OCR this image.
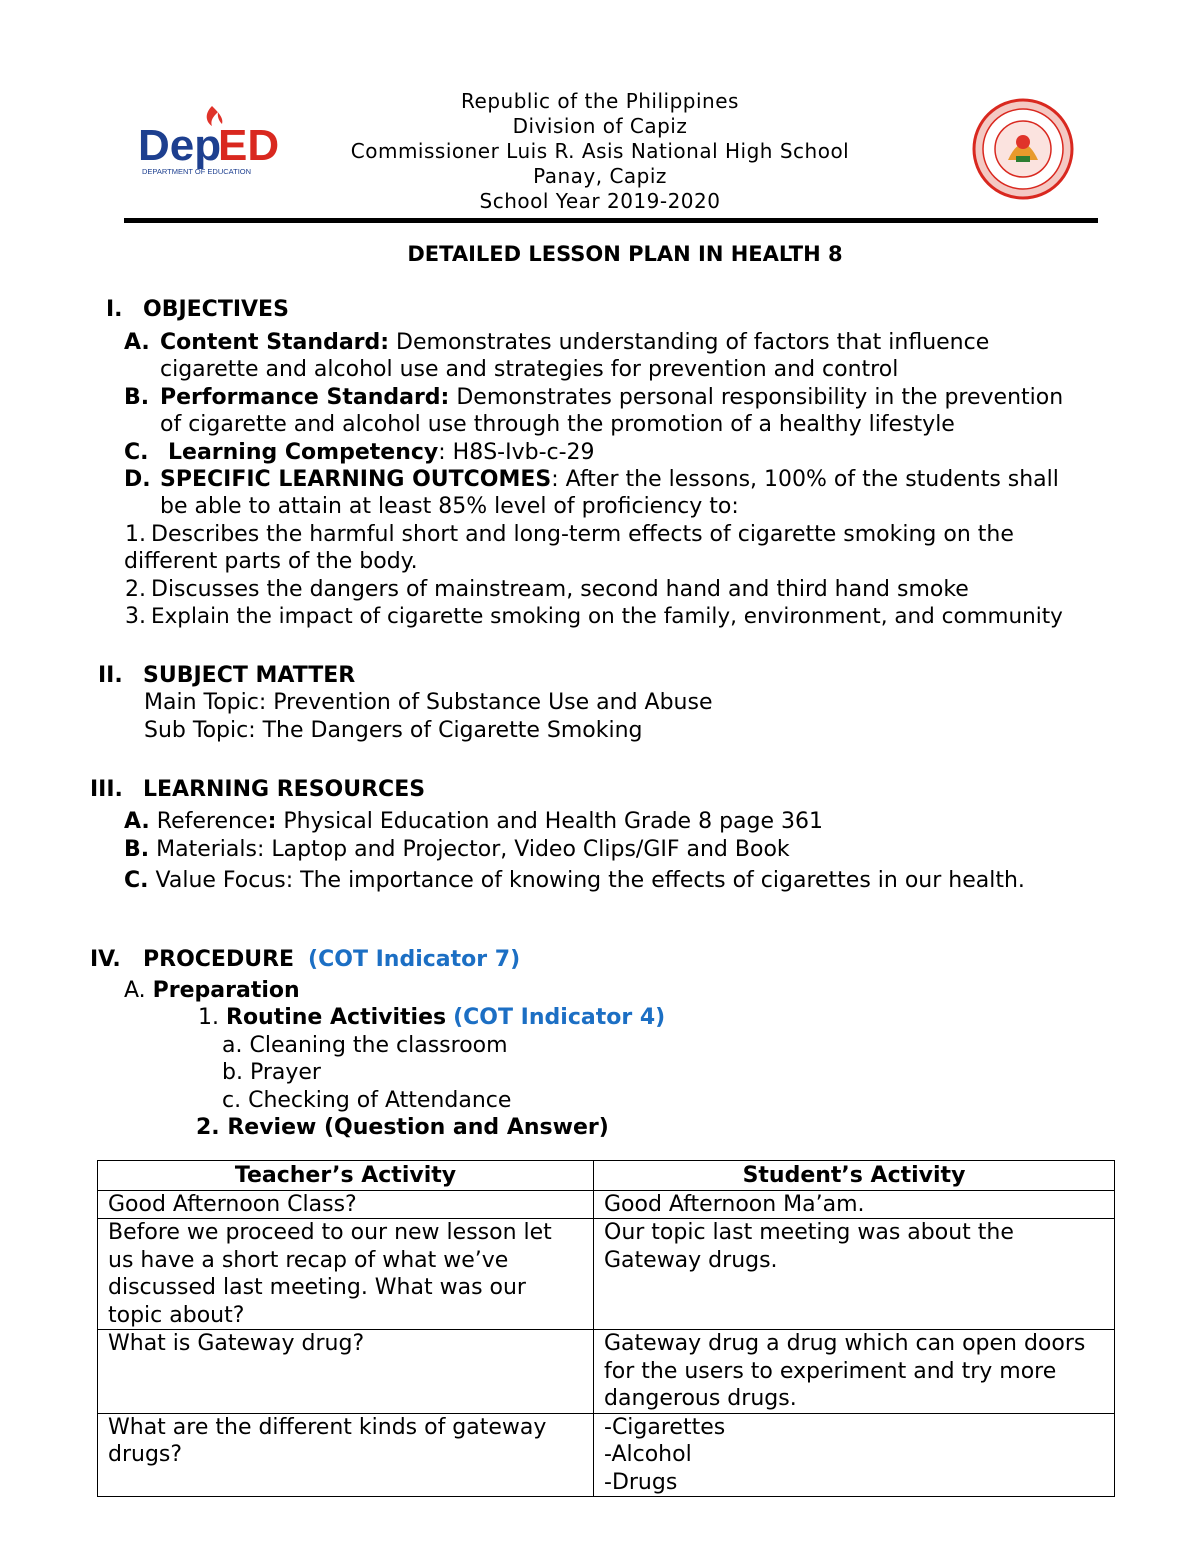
Dep
ED
DEPARTMENT OF EDUCATION
Republic of the Philippines
Division of Capiz
Commissioner Luis R. Asis National High School
Panay, Capiz
School Year 2019-2020
DETAILED LESSON PLAN IN HEALTH 8
I. OBJECTIVES
A. Content Standard: Demonstrates understanding of factors that influence
cigarette and alcohol use and strategies for prevention and control
B. Performance Standard: Demonstrates personal responsibility in the prevention
of cigarette and alcohol use through the promotion of a healthy lifestyle
C. Learning Competency: H8S-Ivb-c-29
D. SPECIFIC LEARNING OUTCOMES: After the lessons, 100% of the students shall
be able to attain at least 85% level of proficiency to:
1. Describes the harmful short and long-term effects of cigarette smoking on the
different parts of the body.
2. Discusses the dangers of mainstream, second hand and third hand smoke
3. Explain the impact of cigarette smoking on the family, environment, and community
II. SUBJECT MATTER
Main Topic: Prevention of Substance Use and Abuse
Sub Topic: The Dangers of Cigarette Smoking
III. LEARNING RESOURCES
A. Reference: Physical Education and Health Grade 8 page 361
B. Materials: Laptop and Projector, Video Clips/GIF and Book
C. Value Focus: The importance of knowing the effects of cigarettes in our health.
IV. PROCEDURE (COT Indicator 7)
A. Preparation
1. Routine Activities (COT Indicator 4)
a. Cleaning the classroom
b. Prayer
c. Checking of Attendance
2. Review (Question and Answer)
Teacher’s Activity	Student’s Activity
Good Afternoon Class?	Good Afternoon Ma’am.
Before we proceed to our new lesson let us have a short recap of what we’ve discussed last meeting. What was our topic about?	Our topic last meeting was about the Gateway drugs.
What is Gateway drug?	Gateway drug a drug which can open doors for the users to experiment and try more dangerous drugs.
What are the different kinds of gateway drugs?	-Cigarettes
-Alcohol
-Drugs
